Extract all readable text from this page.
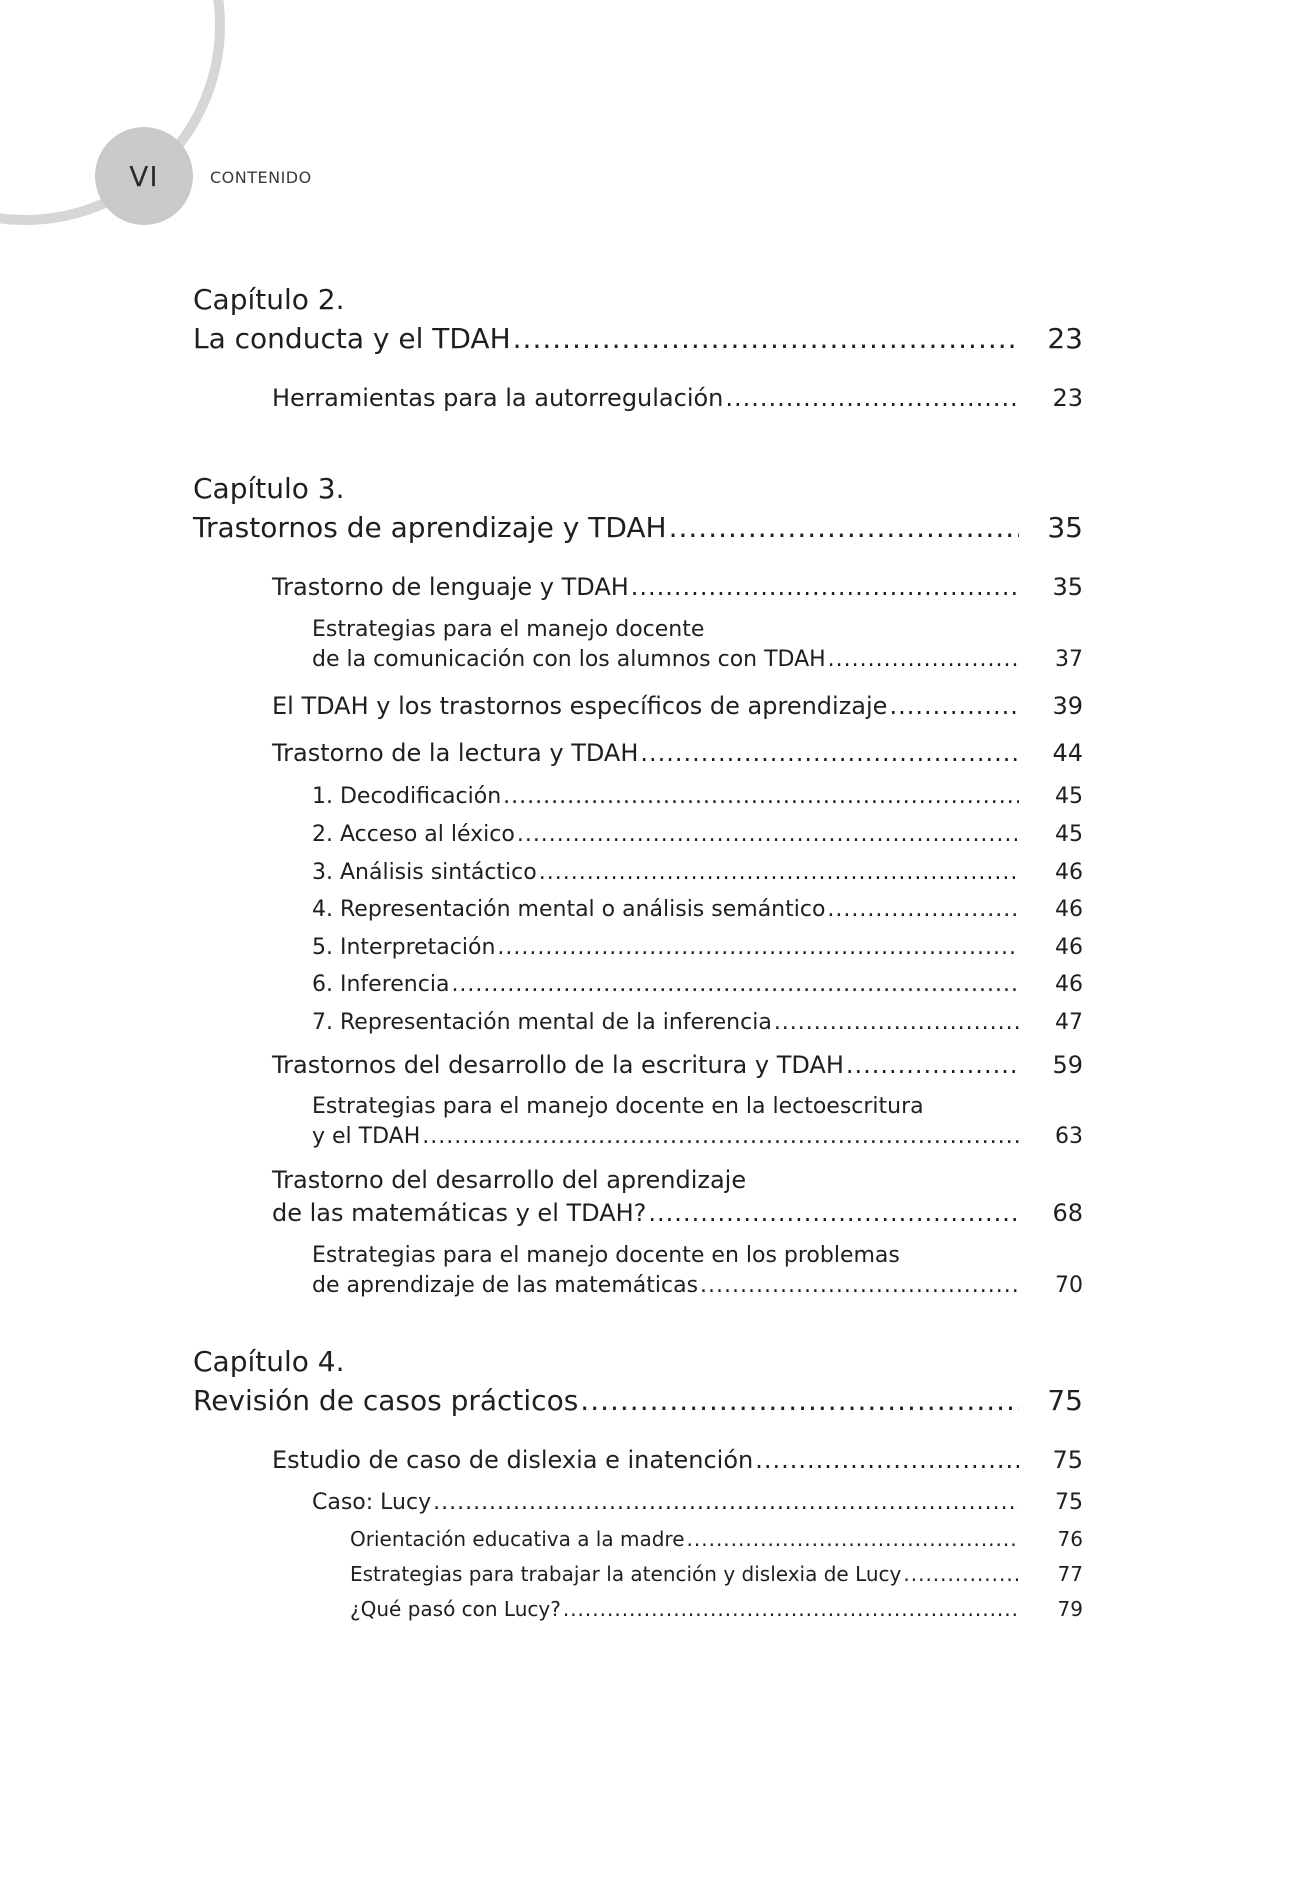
VI	CONTENIDO
Capítulo 2.
La conducta y el TDAH .....	23
Herramientas para la autorregulación .....	23
Capítulo 3.
Trastornos de aprendizaje y TDAH .....	35
Trastorno de lenguaje y TDAH .....	35
Estrategias para el manejo docente
de la comunicación con los alumnos con TDAH .....	37
El TDAH y los trastornos específicos de aprendizaje .....	39
Trastorno de la lectura y TDAH .....	44
1. Decodificación .....	45
2. Acceso al léxico .....	45
3. Análisis sintáctico .....	46
4. Representación mental o análisis semántico .....	46
5. Interpretación .....	46
6. Inferencia .....	46
7. Representación mental de la inferencia .....	47
Trastornos del desarrollo de la escritura y TDAH .....	59
Estrategias para el manejo docente en la lectoescritura
y el TDAH .....	63
Trastorno del desarrollo del aprendizaje
de las matemáticas y el TDAH? .....	68
Estrategias para el manejo docente en los problemas
de aprendizaje de las matemáticas .....	70
Capítulo 4.
Revisión de casos prácticos .....	75
Estudio de caso de dislexia e inatención .....	75
Caso: Lucy .....	75
Orientación educativa a la madre .....	76
Estrategias para trabajar la atención y dislexia de Lucy .....	77
¿Qué pasó con Lucy? .....	79
